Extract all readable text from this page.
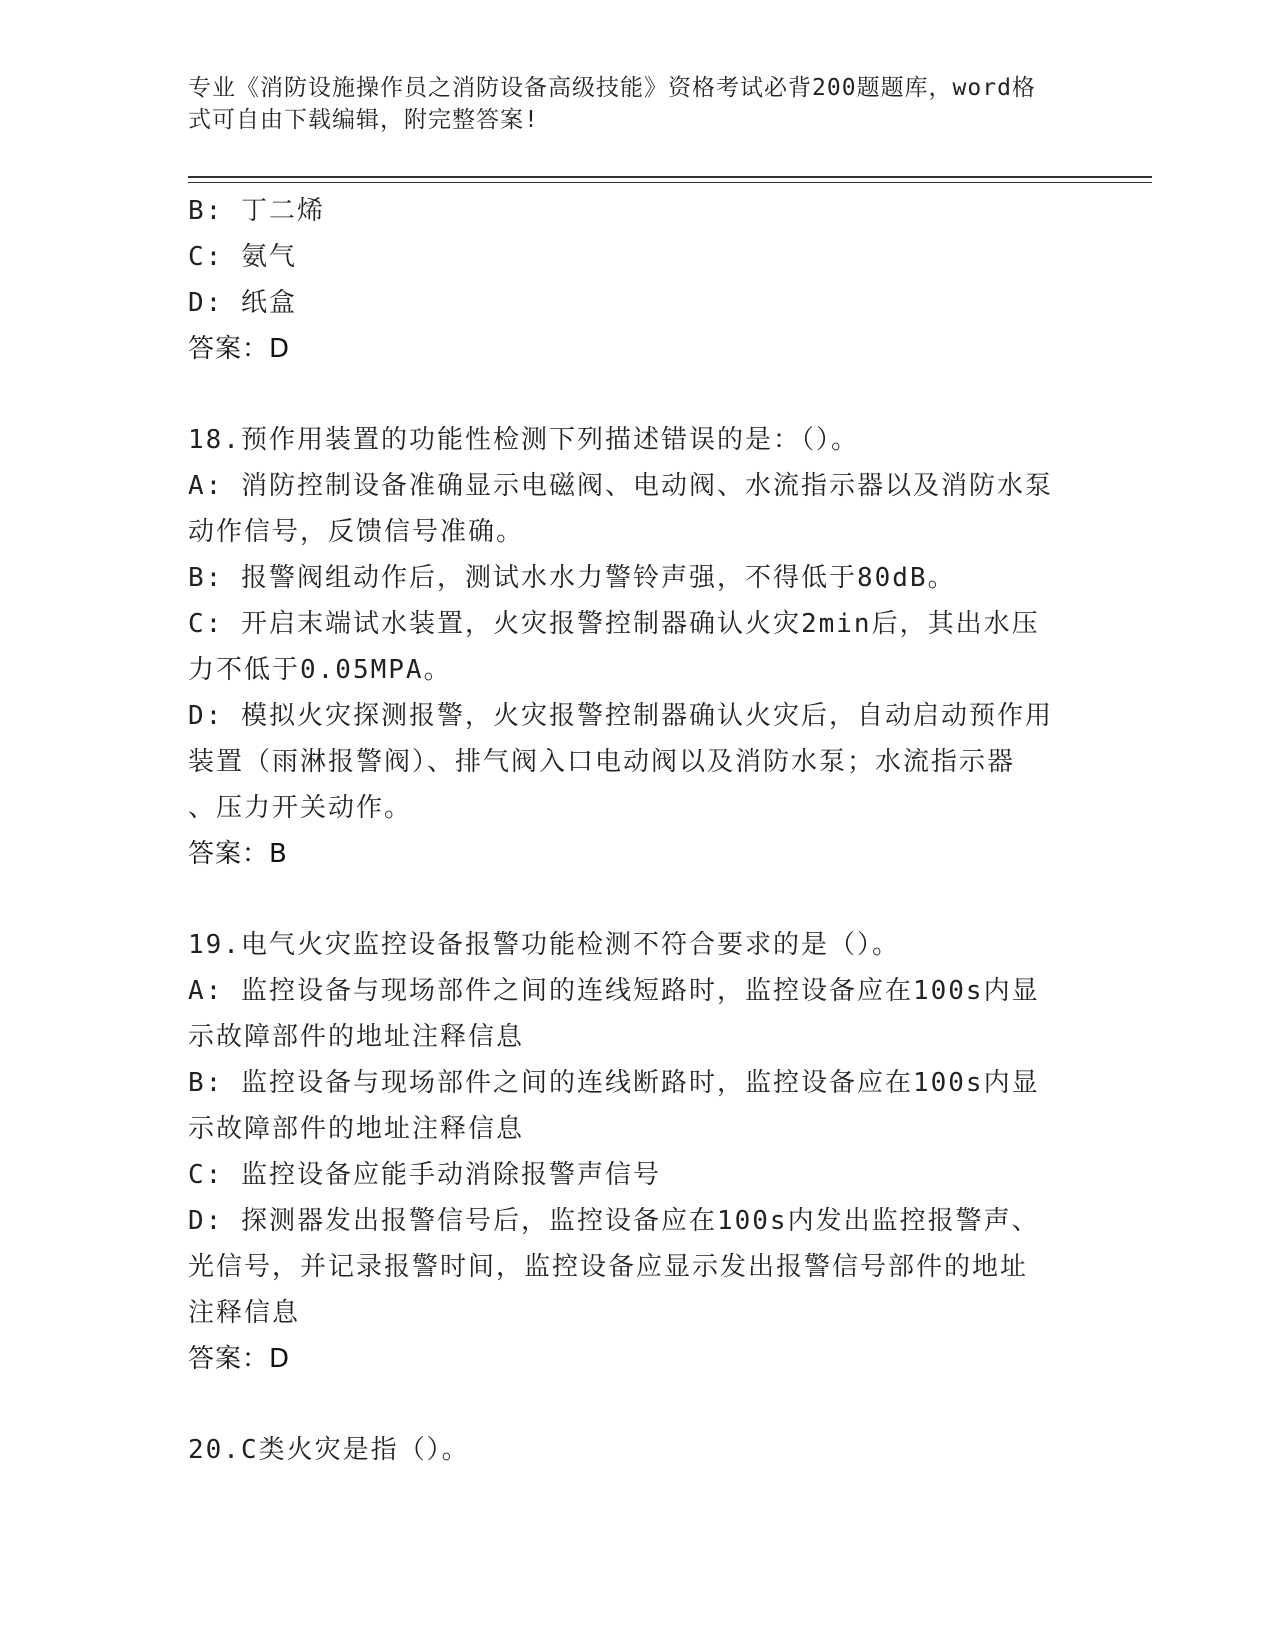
专业《消防设施操作员之消防设备高级技能》资格考试必背200题题库，word格
式可自由下载编辑，附完整答案!
B: 丁二烯
C: 氨气
D: 纸盒
答案：D
18.预作用装置的功能性检测下列描述错误的是：（）。
A: 消防控制设备准确显示电磁阀、电动阀、水流指示器以及消防水泵
动作信号，反馈信号准确。
B: 报警阀组动作后，测试水水力警铃声强，不得低于80dB。
C: 开启末端试水装置，火灾报警控制器确认火灾2min后，其出水压
力不低于0.05MPA。
D: 模拟火灾探测报警，火灾报警控制器确认火灾后，自动启动预作用
装置（雨淋报警阀）、排气阀入口电动阀以及消防水泵；水流指示器
、压力开关动作。
答案：B
19.电气火灾监控设备报警功能检测不符合要求的是（）。
A: 监控设备与现场部件之间的连线短路时，监控设备应在100s内显
示故障部件的地址注释信息
B: 监控设备与现场部件之间的连线断路时，监控设备应在100s内显
示故障部件的地址注释信息
C: 监控设备应能手动消除报警声信号
D: 探测器发出报警信号后，监控设备应在100s内发出监控报警声、
光信号，并记录报警时间，监控设备应显示发出报警信号部件的地址
注释信息
答案：D
20.C类火灾是指（）。
